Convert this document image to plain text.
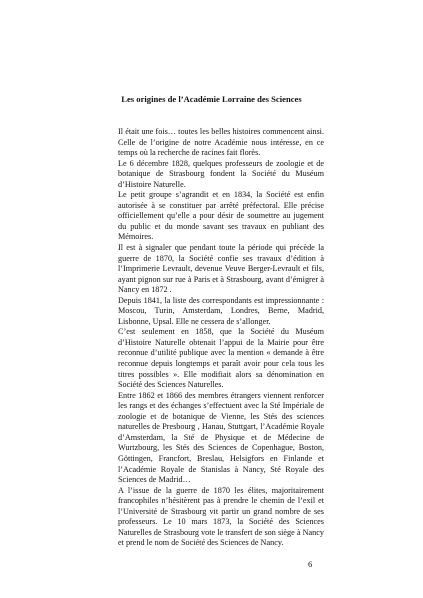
Les origines de l’Académie Lorraine des Sciences

Il était une fois… toutes les belles histoires commencent ainsi. Celle de l’origine de notre Académie nous intéresse, en ce temps où la recherche de racines fait florès.

Le 6 décembre 1828, quelques professeurs de zoologie et de botanique de Strasbourg fondent la Société du Muséum d’Histoire Naturelle.

Le petit groupe s’agrandit et en 1834, la Société est enfin autorisée à se constituer par arrêté préfectoral. Elle précise officiellement qu’elle a pour désir de soumettre au jugement du public et du monde savant ses travaux en publiant des Mémoires.

Il est à signaler que pendant toute la période qui précède la guerre de 1870, la Société confie ses travaux d’édition à l’Imprimerie Levrault, devenue Veuve Berger-Levrault et fils, ayant pignon sur rue à Paris et à Strasbourg, avant d’émigrer à Nancy en 1872 .

Depuis 1841, la liste des correspondants est impressionnante : Moscou, Turin, Amsterdam, Londres, Berne, Madrid, Lisbonne, Upsal. Elle ne cessera de s’allonger.

C’est seulement en 1858, que la Société du Muséum d’Histoire Naturelle obtenait l’appui de la Mairie pour être reconnue d’utilité publique avec la mention « demande à être reconnue depuis longtemps et paraît avoir pour cela tous les titres possibles ». Elle modifiait alors sa dénomination en Société des Sciences Naturelles.

Entre 1862 et 1866 des membres étrangers viennent renforcer les rangs et des échanges s’effectuent avec la Sté Impériale de zoologie et de botanique de Vienne, les Stés des sciences naturelles de Presbourg , Hanau, Stuttgart, l’Académie Royale d’Amsterdam, la Sté de Physique et de Médecine de Wurtzbourg, les Stés des Sciences de Copenhague, Boston, Göttingen, Francfort, Breslau, Helsigfors en Finlande et l’Académie Royale de Stanislas à Nancy, Sté Royale des Sciences de Madrid…

A l’issue de la guerre de 1870 les élites, majoritairement francophiles n’hésitèrent pas à prendre le chemin de l’exil et l’Université de Strasbourg vit partir un grand nombre de ses professeurs. Le 10 mars 1873, la Société des Sciences Naturelles de Strasbourg vote le transfert de son siège à Nancy et prend le nom de Société des Sciences de Nancy.

6
